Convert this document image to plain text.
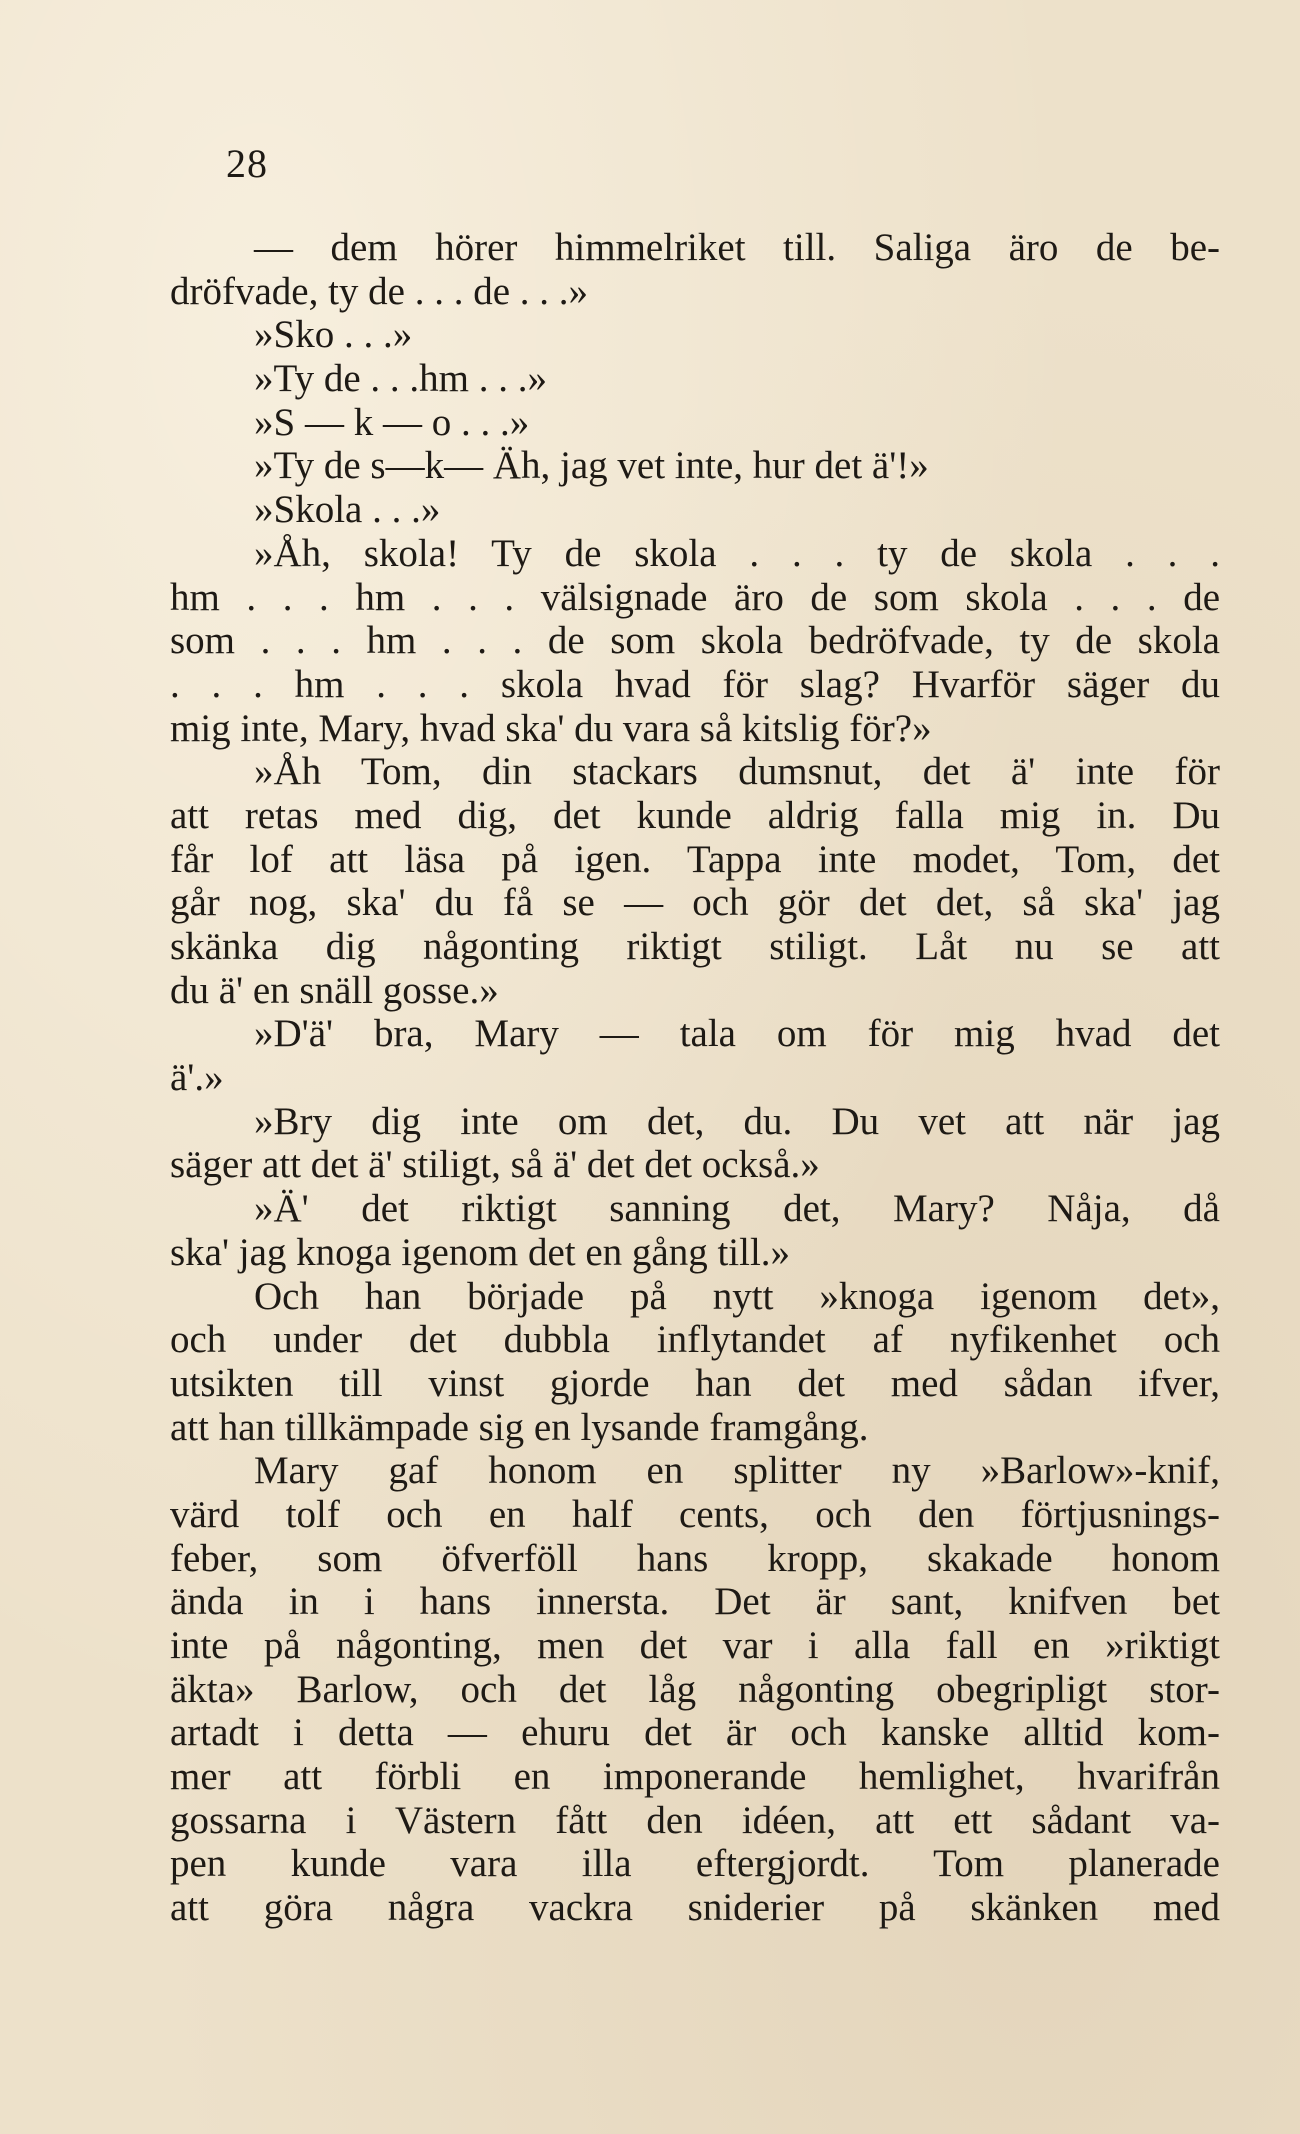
28
— dem hörer himmelriket till. Saliga äro de be-
dröfvade, ty de . . . de . . .»
»Sko . . .»
»Ty de . . .hm . . .»
»S — k — o . . .»
»Ty de s—k— Äh, jag vet inte, hur det ä'!»
»Skola . . .»
»Åh, skola! Ty de skola . . . ty de skola . . .
hm . . . hm . . . välsignade äro de som skola . . . de
som . . . hm . . . de som skola bedröfvade, ty de skola
. . . hm . . . skola hvad för slag? Hvarför säger du
mig inte, Mary, hvad ska' du vara så kitslig för?»
»Åh Tom, din stackars dumsnut, det ä' inte för
att retas med dig, det kunde aldrig falla mig in. Du
får lof att läsa på igen. Tappa inte modet, Tom, det
går nog, ska' du få se — och gör det det, så ska' jag
skänka dig någonting riktigt stiligt. Låt nu se att
du ä' en snäll gosse.»
»D'ä' bra, Mary — tala om för mig hvad det
ä'.»
»Bry dig inte om det, du. Du vet att när jag
säger att det ä' stiligt, så ä' det det också.»
»Ä' det riktigt sanning det, Mary? Nåja, då
ska' jag knoga igenom det en gång till.»
Och han började på nytt »knoga igenom det»,
och under det dubbla inflytandet af nyfikenhet och
utsikten till vinst gjorde han det med sådan ifver,
att han tillkämpade sig en lysande framgång.
Mary gaf honom en splitter ny »Barlow»-knif,
värd tolf och en half cents, och den förtjusnings-
feber, som öfverföll hans kropp, skakade honom
ända in i hans innersta. Det är sant, knifven bet
inte på någonting, men det var i alla fall en »riktigt
äkta» Barlow, och det låg någonting obegripligt stor-
artadt i detta — ehuru det är och kanske alltid kom-
mer att förbli en imponerande hemlighet, hvarifrån
gossarna i Västern fått den idéen, att ett sådant va-
pen kunde vara illa eftergjordt. Tom planerade
att göra några vackra sniderier på skänken med
